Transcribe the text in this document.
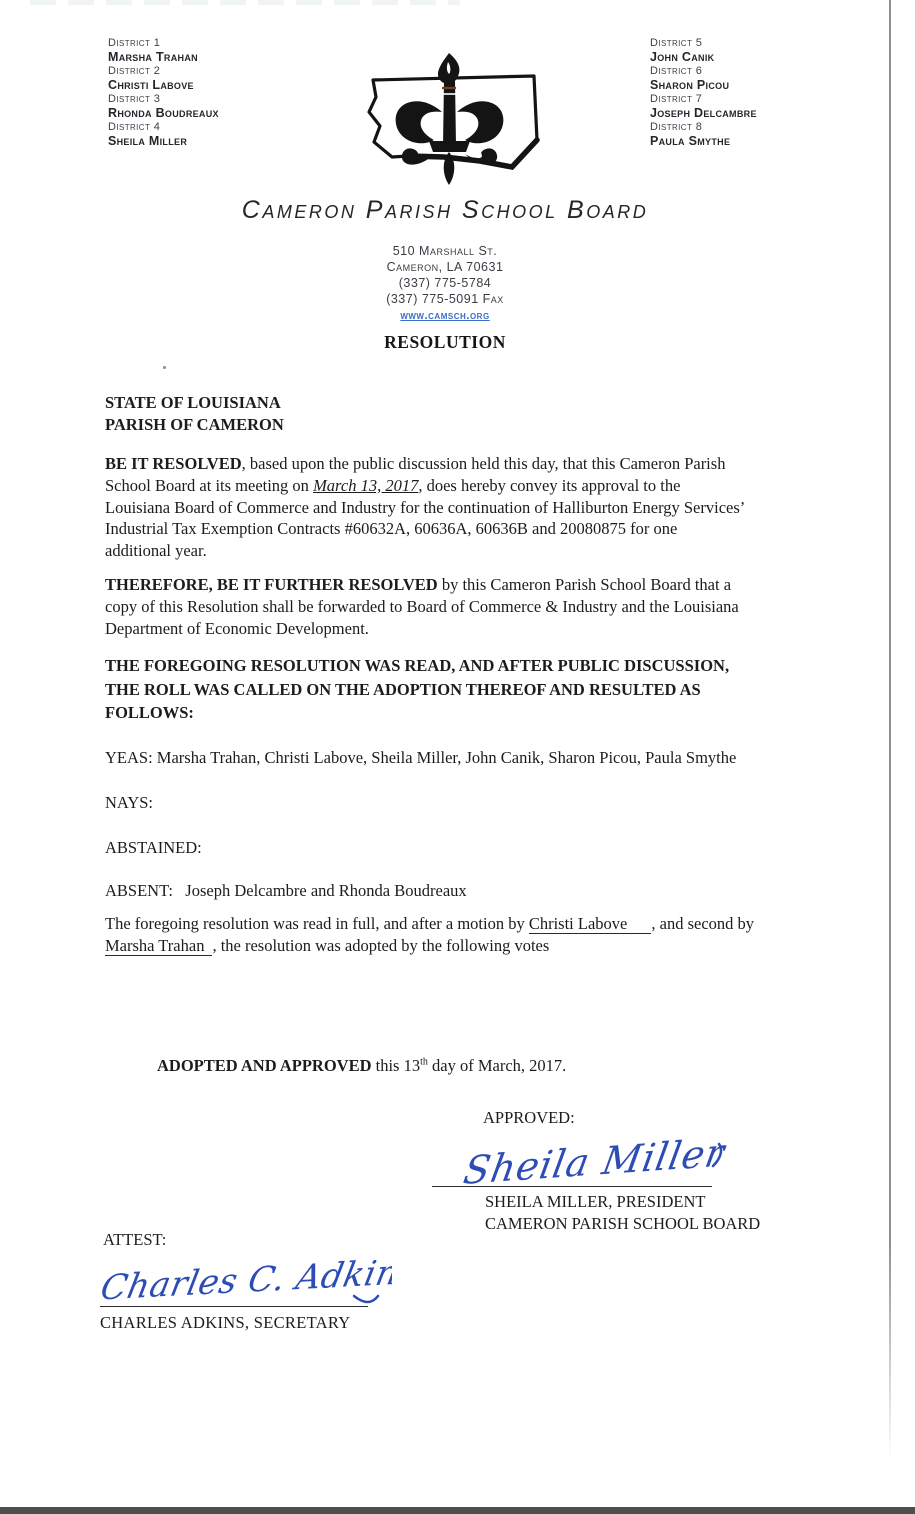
District 1
Marsha Trahan
District 2
Christi Labove
District 3
Rhonda Boudreaux
District 4
Sheila Miller
District 5
John Canik
District 6
Sharon Picou
District 7
Joseph Delcambre
District 8
Paula Smythe
Cameron Parish School Board
510 Marshall St.
Cameron, LA 70631
(337) 775-5784
(337) 775-5091 Fax
www.camsch.org
RESOLUTION
STATE OF LOUISIANA
PARISH OF CAMERON
BE IT RESOLVED, based upon the public discussion held this day, that this Cameron Parish
School Board at its meeting on March 13, 2017, does hereby convey its approval to the
Louisiana Board of Commerce and Industry for the continuation of Halliburton Energy Services’
Industrial Tax Exemption Contracts #60632A, 60636A, 60636B and 20080875 for one
additional year.
THEREFORE, BE IT FURTHER RESOLVED by this Cameron Parish School Board that a
copy of this Resolution shall be forwarded to Board of Commerce & Industry and the Louisiana
Department of Economic Development.
THE FOREGOING RESOLUTION WAS READ, AND AFTER PUBLIC DISCUSSION,
THE ROLL WAS CALLED ON THE ADOPTION THEREOF AND RESULTED AS
FOLLOWS:
YEAS: Marsha Trahan, Christi Labove, Sheila Miller, John Canik, Sharon Picou, Paula Smythe
NAYS:
ABSTAINED:
ABSENT:   Joseph Delcambre and Rhonda Boudreaux
The foregoing resolution was read in full, and after a motion by Christi Labove , and second by
Marsha Trahan , the resolution was adopted by the following votes
ADOPTED AND APPROVED this 13th day of March, 2017.
APPROVED:
Sheila Miller
SHEILA MILLER, PRESIDENT
CAMERON PARISH SCHOOL BOARD
ATTEST:
Charles C. Adkins
CHARLES ADKINS, SECRETARY
